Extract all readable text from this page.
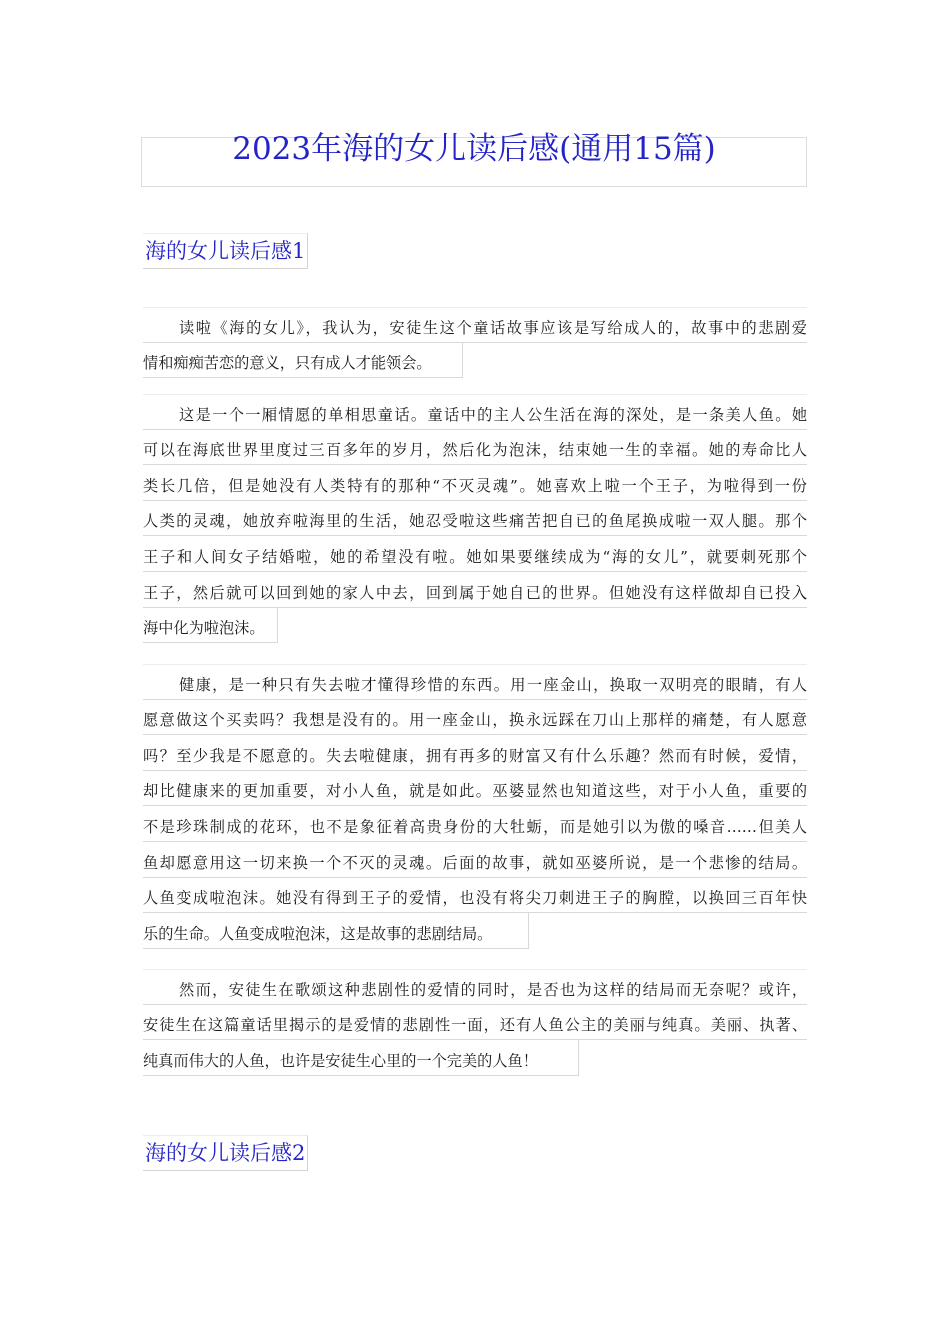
2023年海的女儿读后感(通用15篇)
海的女儿读后感1
读啦《海的女儿》，我认为，安徒生这个童话故事应该是写给成人的，故事中的悲剧爱
情和痴痴苦恋的意义，只有成人才能领会。
这是一个一厢情愿的单相思童话。童话中的主人公生活在海的深处，是一条美人鱼。她
可以在海底世界里度过三百多年的岁月，然后化为泡沫，结束她一生的幸福。她的寿命比人
类长几倍，但是她没有人类特有的那种“不灭灵魂”。她喜欢上啦一个王子，为啦得到一份
人类的灵魂，她放弃啦海里的生活，她忍受啦这些痛苦把自已的鱼尾换成啦一双人腿。那个
王子和人间女子结婚啦，她的希望没有啦。她如果要继续成为“海的女儿”，就要刺死那个
王子，然后就可以回到她的家人中去，回到属于她自已的世界。但她没有这样做却自已投入
海中化为啦泡沫。
健康，是一种只有失去啦才懂得珍惜的东西。用一座金山，换取一双明亮的眼睛，有人
愿意做这个买卖吗？我想是没有的。用一座金山，换永远踩在刀山上那样的痛楚，有人愿意
吗？至少我是不愿意的。失去啦健康，拥有再多的财富又有什么乐趣？然而有时候，爱情，
却比健康来的更加重要，对小人鱼，就是如此。巫婆显然也知道这些，对于小人鱼，重要的
不是珍珠制成的花环，也不是象征着高贵身份的大牡蛎，而是她引以为傲的嗓音……但美人
鱼却愿意用这一切来换一个不灭的灵魂。后面的故事，就如巫婆所说，是一个悲惨的结局。
人鱼变成啦泡沫。她没有得到王子的爱情，也没有将尖刀刺进王子的胸膛，以换回三百年快
乐的生命。人鱼变成啦泡沫，这是故事的悲剧结局。
然而，安徒生在歌颂这种悲剧性的爱情的同时，是否也为这样的结局而无奈呢？或许，
安徒生在这篇童话里揭示的是爱情的悲剧性一面，还有人鱼公主的美丽与纯真。美丽、执著、
纯真而伟大的人鱼，也许是安徒生心里的一个完美的人鱼！
海的女儿读后感2
